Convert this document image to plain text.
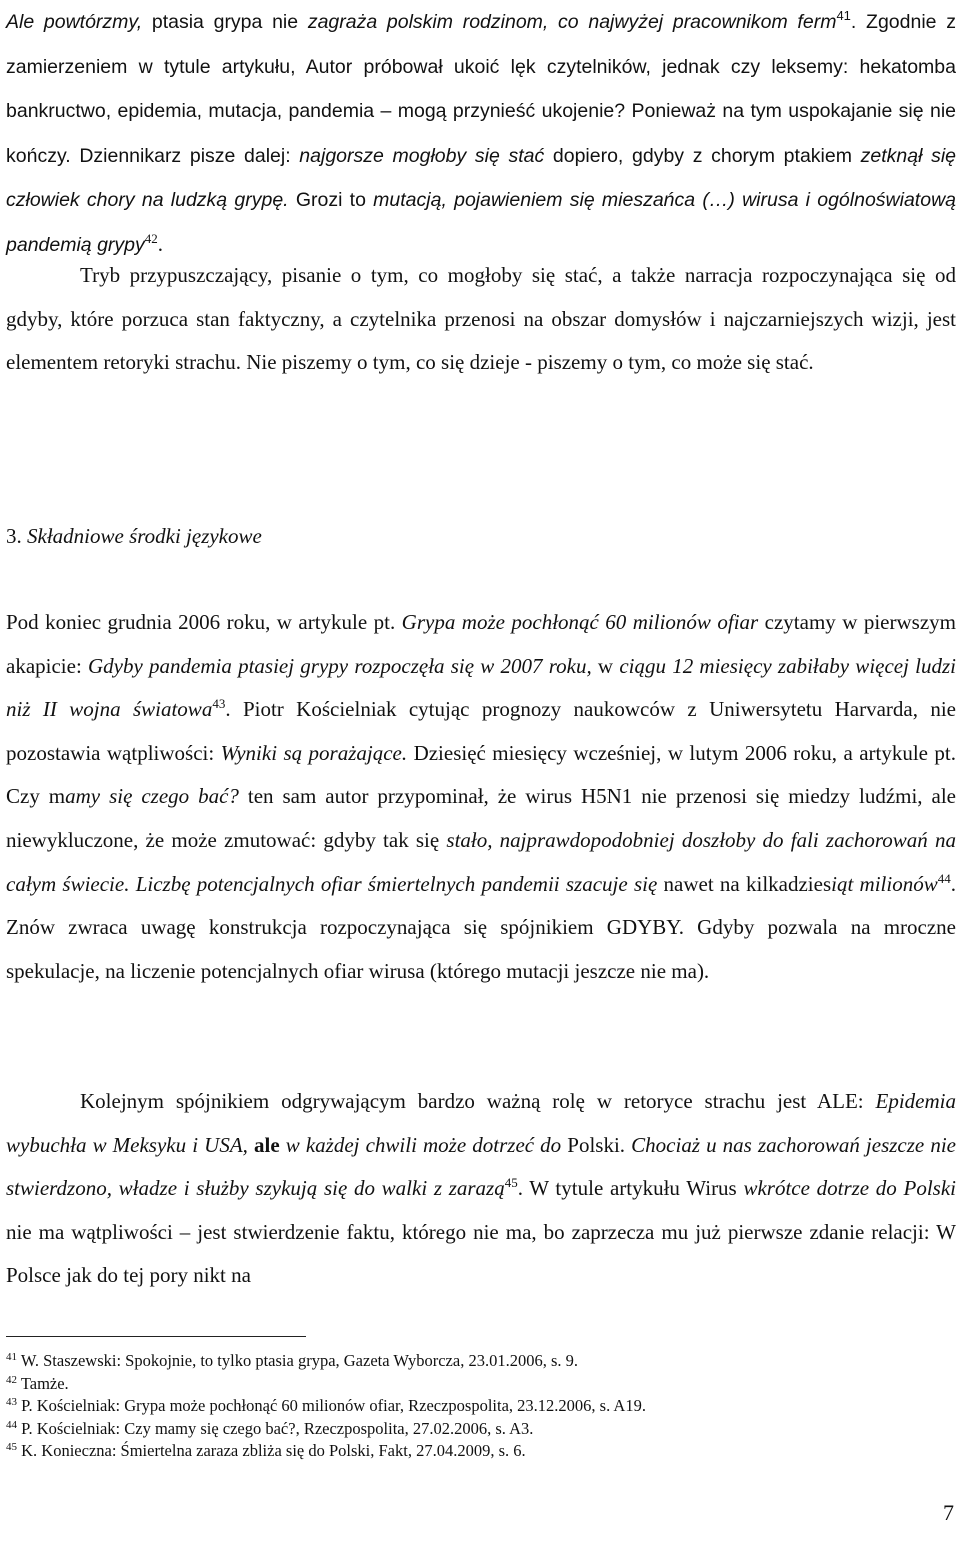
Ale powtórzmy, ptasia grypa nie zagraża polskim rodzinom, co najwyżej pracownikom ferm$^{41}$. Zgodnie z zamierzeniem w tytule artykułu, Autor próbował ukoić lęk czytelników, jednak czy leksemy: hekatomba bankructwo, epidemia, mutacja, pandemia – mogą przynieść ukojenie? Ponieważ na tym uspokajanie się nie kończy. Dziennikarz pisze dalej: najgorsze mogłoby się stać dopiero, gdyby z chorym ptakiem zetknął się człowiek chory na ludzką grypę. Grozi to mutacją, pojawieniem się mieszańca (…) wirusa i ogólnoświatową pandemią grypy$^{42}$.

Tryb przypuszczający, pisanie o tym, co mogłoby się stać, a także narracja rozpoczynająca się od gdyby, które porzuca stan faktyczny, a czytelnika przenosi na obszar domysłów i najczarniejszych wizji, jest elementem retoryki strachu. Nie piszemy o tym, co się dzieje - piszemy o tym, co może się stać.

3. Składniowe środki językowe

Pod koniec grudnia 2006 roku, w artykule pt. Grypa może pochłonąć 60 milionów ofiar czytamy w pierwszym akapicie: Gdyby pandemia ptasiej grypy rozpoczęła się w 2007 roku, w ciągu 12 miesięcy zabiłaby więcej ludzi niż II wojna światowa$^{43}$. Piotr Kościelniak cytując prognozy naukowców z Uniwersytetu Harvarda, nie pozostawia wątpliwości: Wyniki są porażające. Dziesięć miesięcy wcześniej, w lutym 2006 roku, a artykule pt. Czy mamy się czego bać? ten sam autor przypominał, że wirus H5N1 nie przenosi się miedzy ludźmi, ale niewykluczone, że może zmutować: gdyby tak się stało, najprawdopodobniej doszłoby do fali zachorowań na całym świecie. Liczbę potencjalnych ofiar śmiertelnych pandemii szacuje się nawet na kilkadziesiąt milionów$^{44}$. Znów zwraca uwagę konstrukcja rozpoczynająca się spójnikiem GDYBY. Gdyby pozwala na mroczne spekulacje, na liczenie potencjalnych ofiar wirusa (którego mutacji jeszcze nie ma).

Kolejnym spójnikiem odgrywającym bardzo ważną rolę w retoryce strachu jest ALE: Epidemia wybuchła w Meksyku i USA, ale w każdej chwili może dotrzeć do Polski. Chociaż u nas zachorowań jeszcze nie stwierdzono, władze i służby szykują się do walki z zarazą$^{45}$. W tytule artykułu Wirus wkrótce dotrze do Polski nie ma wątpliwości – jest stwierdzenie faktu, którego nie ma, bo zaprzecza mu już pierwsze zdanie relacji: W Polsce jak do tej pory nikt na

$^{41}$ W. Staszewski: Spokojnie, to tylko ptasia grypa, Gazeta Wyborcza, 23.01.2006, s. 9.
$^{42}$ Tamże.
$^{43}$ P. Kościelniak: Grypa może pochłonąć 60 milionów ofiar, Rzeczpospolita, 23.12.2006, s. A19.
$^{44}$ P. Kościelniak: Czy mamy się czego bać?, Rzeczpospolita, 27.02.2006, s. A3.
$^{45}$ K. Konieczna: Śmiertelna zaraza zbliża się do Polski, Fakt, 27.04.2009, s. 6.
7
